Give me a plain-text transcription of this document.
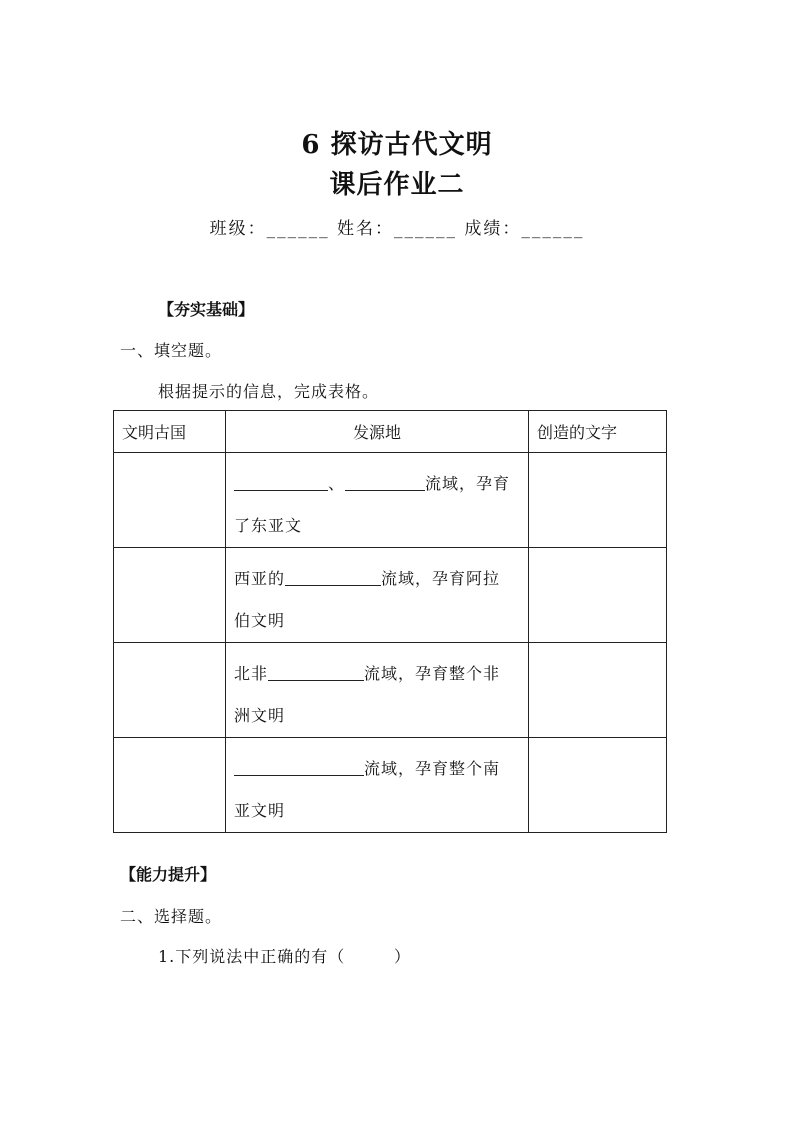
6 探访古代文明
课后作业二
班级：______ 姓名：______ 成绩：______
【夯实基础】
一、填空题。
根据提示的信息，完成表格。
文明古国	发源地	创造的文字

	、 流域，孕育
了东亚文	

	西亚的 流域，孕育阿拉
伯文明	

	北非 流域，孕育整个非
洲文明	

	流域，孕育整个南
亚文明	

【能力提升】
二、选择题。
1.下列说法中正确的有（        ）
